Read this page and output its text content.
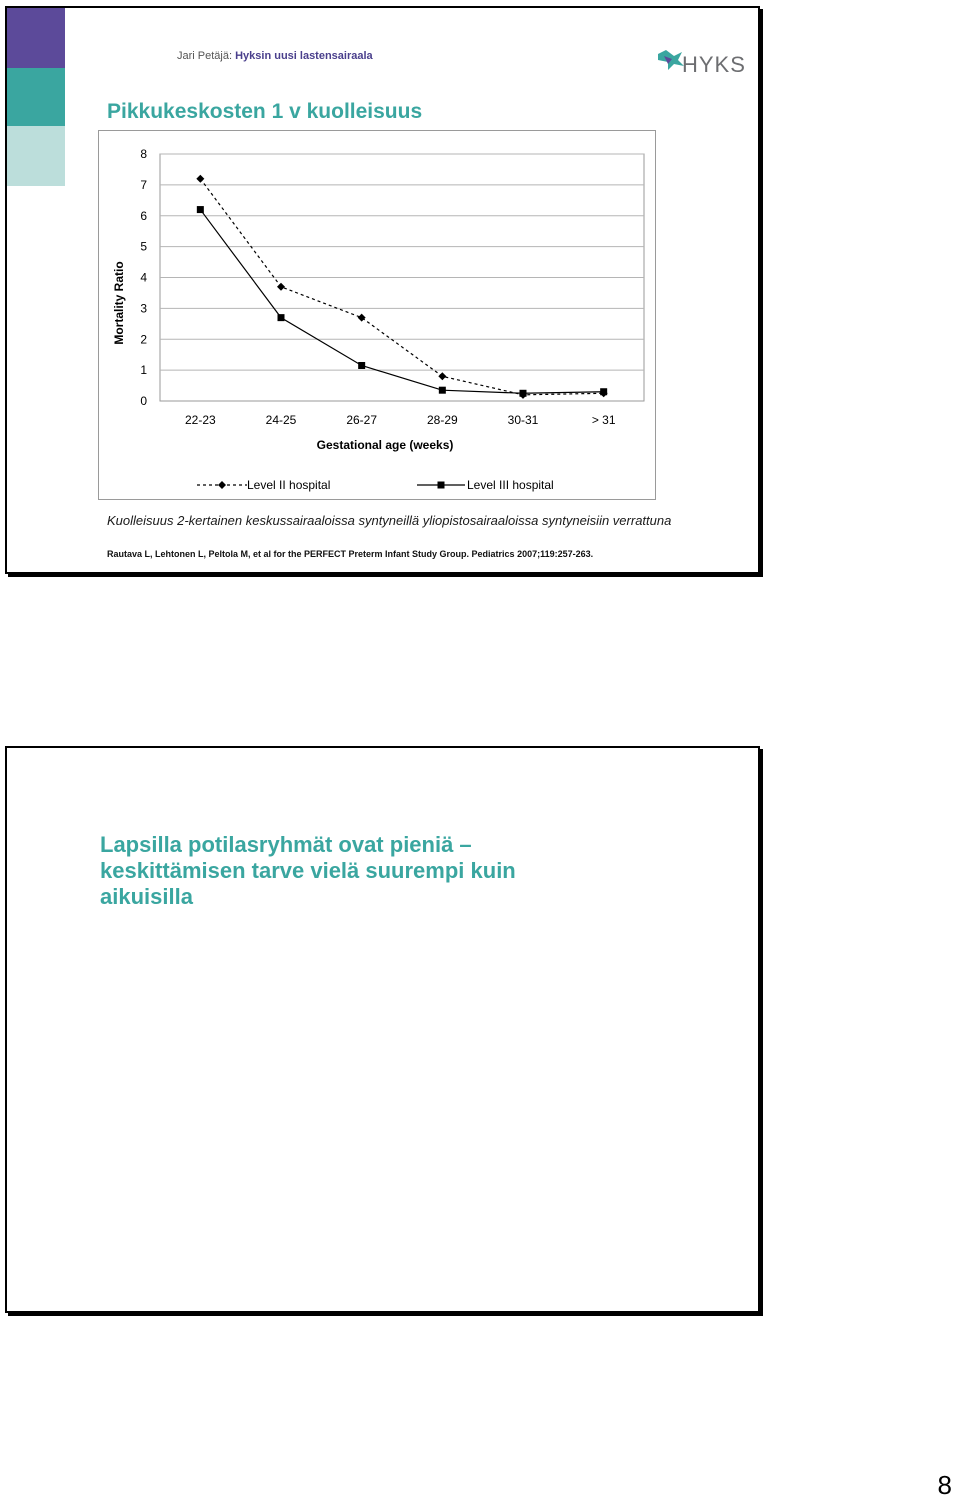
Jari Petäjä: Hyksin uusi lastensairaala	HYKS
Pikkukeskosten 1 v kuolleisuus
0
1
2
3
4
5
6
7
8
22-23	24-25	26-27	28-29	30-31	> 31
Level II hospital	Level III hospital
Mortality Ratio
Gestational age (weeks)
Kuolleisuus 2-kertainen keskussairaaloissa syntyneillä yliopistosairaaloissa syntyneisiin verrattuna
Rautava L, Lehtonen L, Peltola M, et al for the PERFECT Preterm Infant Study Group. Pediatrics 2007;119:257-263.
Lapsilla potilasryhmät ovat pieniä – keskittämisen tarve vielä suurempi kuin aikuisilla
8
